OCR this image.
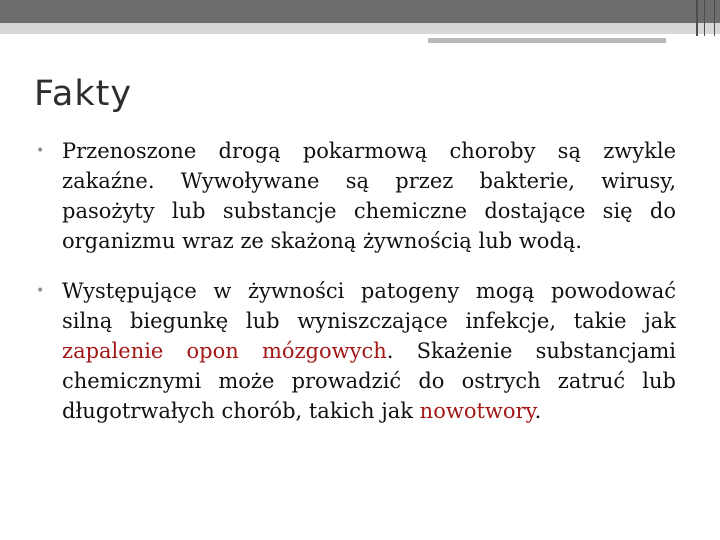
Fakty
• Przenoszone drogą pokarmową choroby są zwykle zakaźne. Wywoływane są przez bakterie, wirusy, pasożyty lub substancje chemiczne dostające się do organizmu wraz ze skażoną żywnością lub wodą.
• Występujące w żywności patogeny mogą powodować silną biegunkę lub wyniszczające infekcje, takie jak zapalenie opon mózgowych. Skażenie substancjami chemicznymi może prowadzić do ostrych zatruć lub długotrwałych chorób, takich jak nowotwory.
